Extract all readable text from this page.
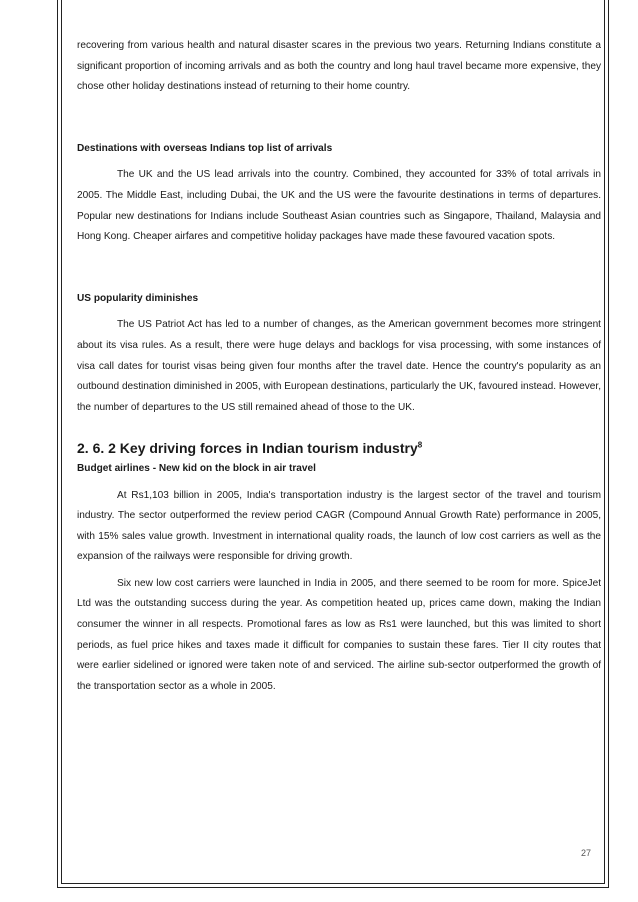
recovering from various health and natural disaster scares in the previous two years. Returning Indians constitute a significant proportion of incoming arrivals and as both the country and long haul travel became more expensive, they chose other holiday destinations instead of returning to their home country.

Destinations with overseas Indians top list of arrivals

The UK and the US lead arrivals into the country. Combined, they accounted for 33% of total arrivals in 2005. The Middle East, including Dubai, the UK and the US were the favourite destinations in terms of departures. Popular new destinations for Indians include Southeast Asian countries such as Singapore, Thailand, Malaysia and Hong Kong. Cheaper airfares and competitive holiday packages have made these favoured vacation spots.

US popularity diminishes

The US Patriot Act has led to a number of changes, as the American government becomes more stringent about its visa rules. As a result, there were huge delays and backlogs for visa processing, with some instances of visa call dates for tourist visas being given four months after the travel date. Hence the country's popularity as an outbound destination diminished in 2005, with European destinations, particularly the UK, favoured instead. However, the number of departures to the US still remained ahead of those to the UK.

2. 6. 2 Key driving forces in Indian tourism industry$^8$

Budget airlines - New kid on the block in air travel

At Rs1,103 billion in 2005, India's transportation industry is the largest sector of the travel and tourism industry. The sector outperformed the review period CAGR (Compound Annual Growth Rate) performance in 2005, with 15% sales value growth. Investment in international quality roads, the launch of low cost carriers as well as the expansion of the railways were responsible for driving growth.

Six new low cost carriers were launched in India in 2005, and there seemed to be room for more. SpiceJet Ltd was the outstanding success during the year. As competition heated up, prices came down, making the Indian consumer the winner in all respects. Promotional fares as low as Rs1 were launched, but this was limited to short periods, as fuel price hikes and taxes made it difficult for companies to sustain these fares. Tier II city routes that were earlier sidelined or ignored were taken note of and serviced. The airline sub-sector outperformed the growth of the transportation sector as a whole in 2005.

27
